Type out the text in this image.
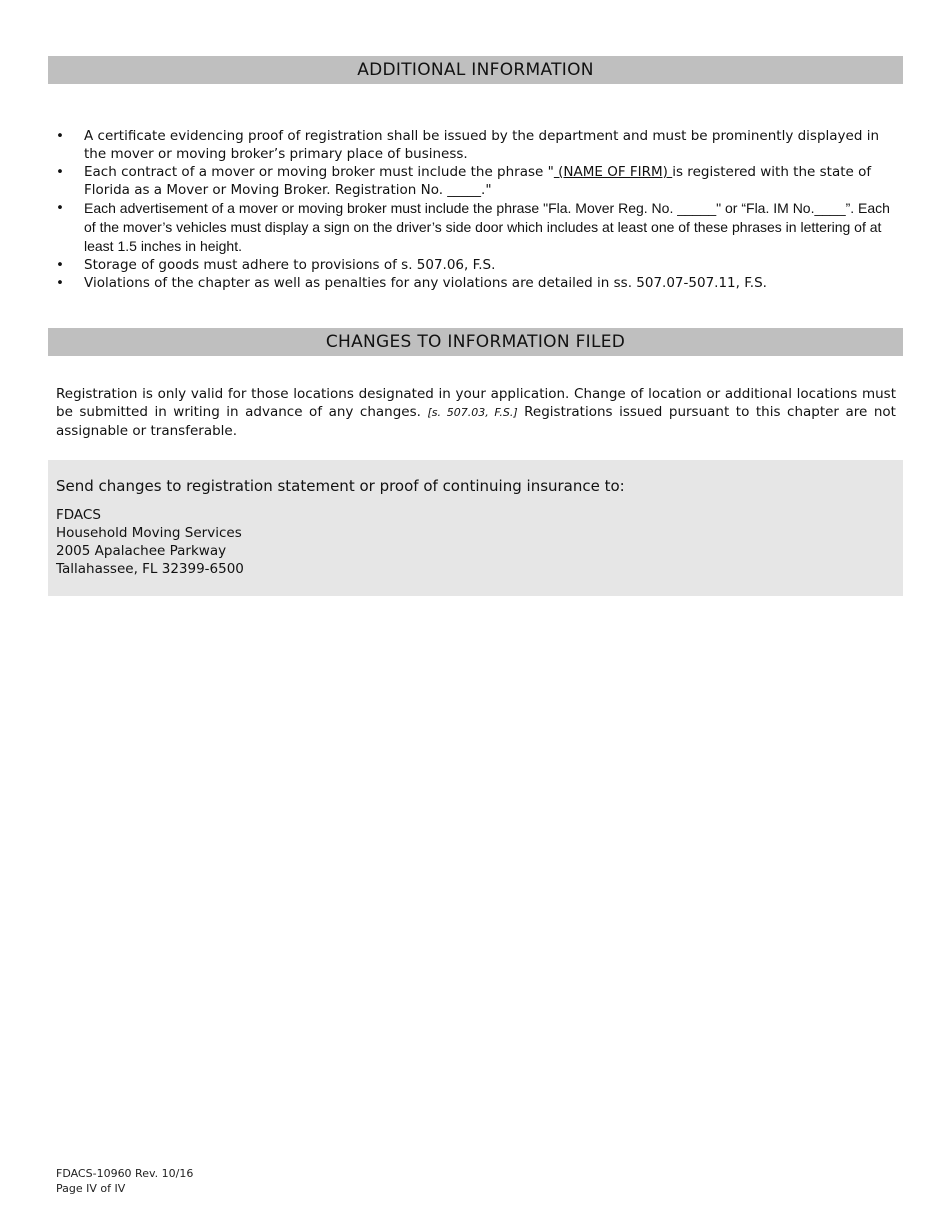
ADDITIONAL INFORMATION
• A certificate evidencing proof of registration shall be issued by the department and must be prominently displayed in the mover or moving broker’s primary place of business.
• Each contract of a mover or moving broker must include the phrase " (NAME OF FIRM) is registered with the state of Florida as a Mover or Moving Broker. Registration No. _____."
• Each advertisement of a mover or moving broker must include the phrase "Fla. Mover Reg. No. _____" or “Fla. IM No.____”. Each of the mover’s vehicles must display a sign on the driver’s side door which includes at least one of these phrases in lettering of at least 1.5 inches in height.
• Storage of goods must adhere to provisions of s. 507.06, F.S.
• Violations of the chapter as well as penalties for any violations are detailed in ss. 507.07-507.11, F.S.
CHANGES TO INFORMATION FILED

Registration is only valid for those locations designated in your application. Change of location or additional locations must be submitted in writing in advance of any changes. [s. 507.03, F.S.] Registrations issued pursuant to this chapter are not assignable or transferable.

Send changes to registration statement or proof of continuing insurance to:

FDACS
Household Moving Services
2005 Apalachee Parkway
Tallahassee, FL 32399-6500
FDACS-10960 Rev. 10/16
Page IV of IV
